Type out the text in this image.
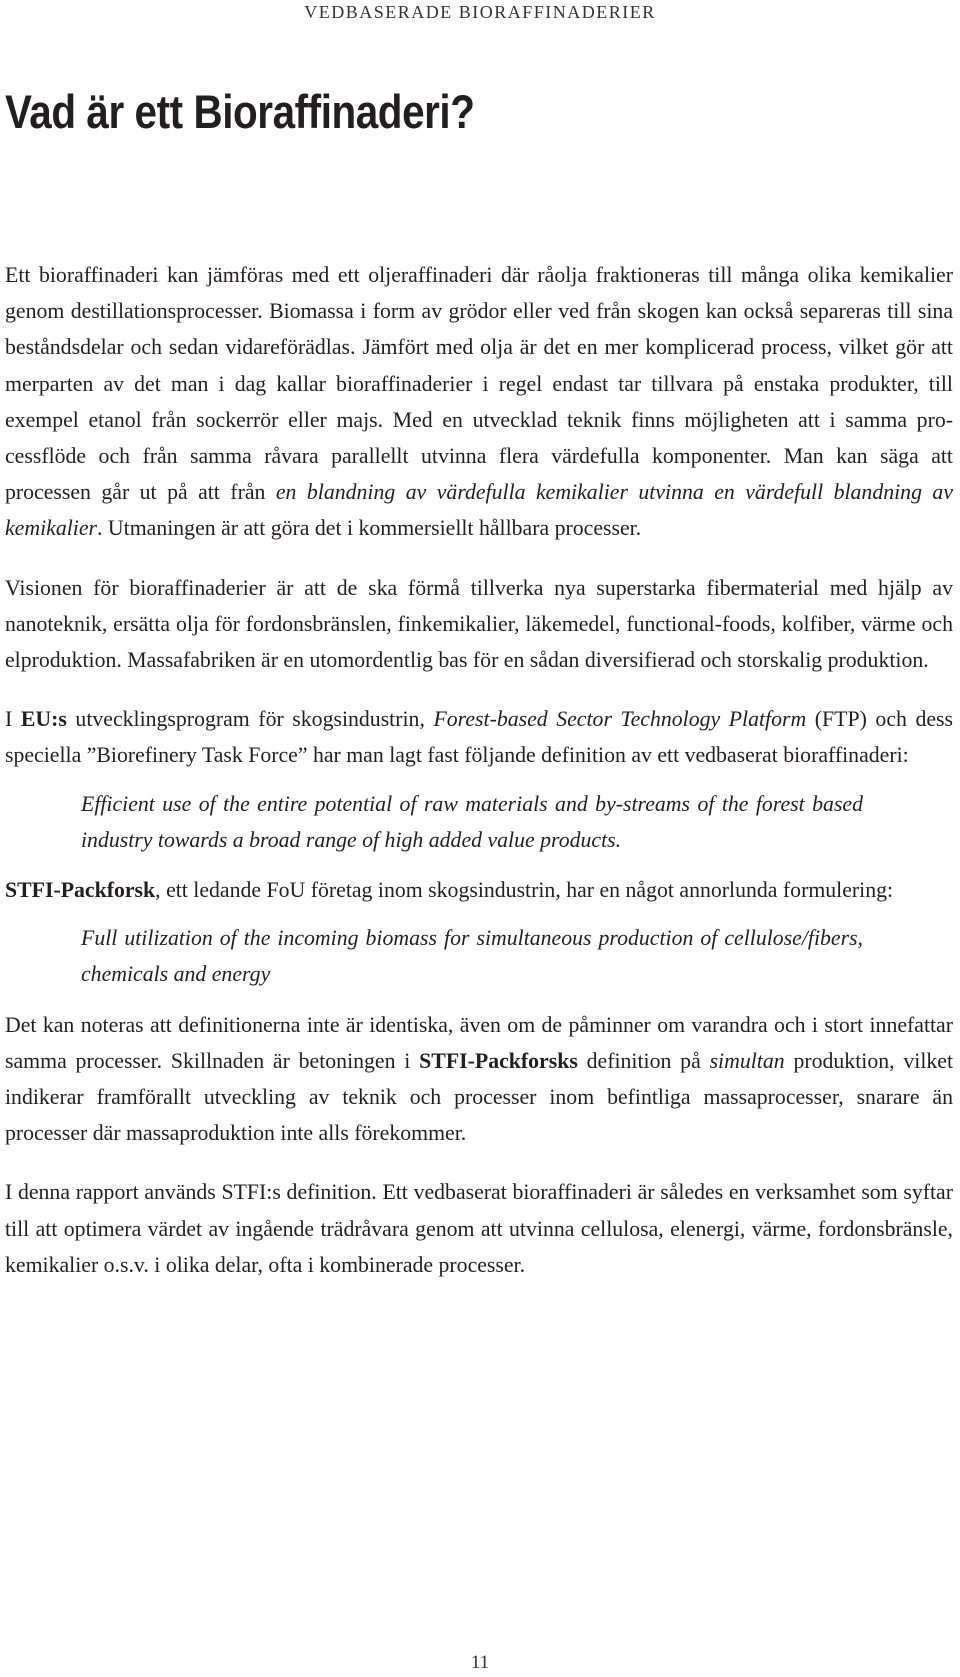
VEDBASERADE BIORAFFINADERIER
Vad är ett Bioraffinaderi?

Ett bioraffinaderi kan jämföras med ett oljeraffinaderi där råolja fraktioneras till många olika kemikalier genom destillationsprocesser. Biomassa i form av grödor eller ved från skogen kan också separeras till sina beståndsdelar och sedan vidareförädlas. Jämfört med olja är det en mer komplicerad process, vilket gör att merparten av det man i dag kallar bioraffinaderier i regel endast tar tillvara på enstaka produkter, till exempel etanol från sockerrör eller majs. Med en utvecklad teknik finns möjligheten att i samma processflöde och från samma råvara parallellt utvinna flera värdefulla komponenter. Man kan säga att processen går ut på att från en blandning av värdefulla kemikalier utvinna en värdefull blandning av kemikalier. Utmaningen är att göra det i kommersiellt hållbara processer.

Visionen för bioraffinaderier är att de ska förmå tillverka nya superstarka fibermaterial med hjälp av nanoteknik, ersätta olja för fordonsbränslen, finkemikalier, läkemedel, functional-foods, kolfiber, värme och elproduktion. Massafabriken är en utomordentlig bas för en sådan diversifierad och storskalig produktion.

I EU:s utvecklingsprogram för skogsindustrin, Forest-based Sector Technology Platform (FTP) och dess speciella ”Biorefinery Task Force” har man lagt fast följande definition av ett vedbaserat bioraffinaderi:

Efficient use of the entire potential of raw materials and by-streams of the forest based industry towards a broad range of high added value products.

STFI-Packforsk, ett ledande FoU företag inom skogsindustrin, har en något annorlunda formulering:

Full utilization of the incoming biomass for simultaneous production of cellulose/fibers, chemicals and energy

Det kan noteras att definitionerna inte är identiska, även om de påminner om varandra och i stort innefattar samma processer. Skillnaden är betoningen i STFI-Packforsks definition på simultan produktion, vilket indikerar framförallt utveckling av teknik och processer inom befintliga massaprocesser, snarare än processer där massaproduktion inte alls förekommer.

I denna rapport används STFI:s definition. Ett vedbaserat bioraffinaderi är således en verksamhet som syftar till att optimera värdet av ingående trädråvara genom att utvinna cellulosa, elenergi, värme, fordonsbränsle, kemikalier o.s.v. i olika delar, ofta i kombinerade processer.

11
